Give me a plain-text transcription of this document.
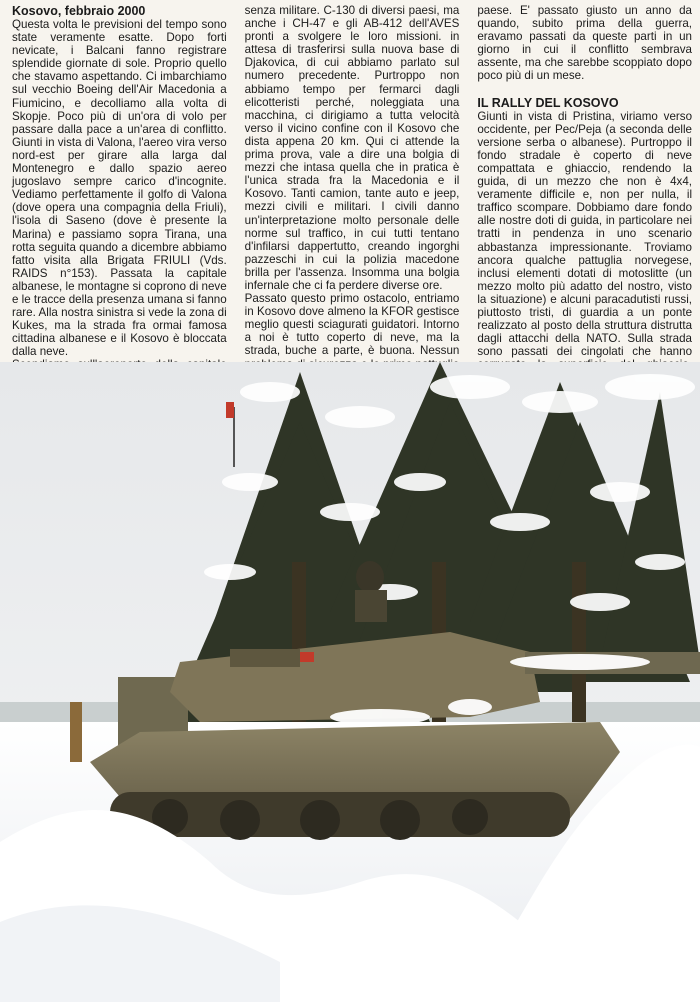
Kosovo, febbraio 2000

Questa volta le previsioni del tempo sono state veramente esatte. Dopo forti nevicate, i Balcani fanno registrare splendide giornate di sole. Proprio quello che stavamo aspettando. Ci imbarchiamo sul vecchio Boeing dell'Air Macedonia a Fiumicino, e decolliamo alla volta di Skopje. Poco più di un'ora di volo per passare dalla pace a un'area di conflitto. Giunti in vista di Valona, l'aereo vira verso nord-est per girare alla larga dal Montenegro e dallo spazio aereo jugoslavo sempre carico d'incognite. Vediamo perfettamente il golfo di Valona (dove opera una compagnia della Friuli), l'isola di Saseno (dove è presente la Marina) e passiamo sopra Tirana, una rotta seguita quando a dicembre abbiamo fatto visita alla Brigata FRIULI (Vds. RAIDS n°153). Passata la capitale albanese, le montagne si coprono di neve e le tracce della presenza umana si fanno rare. Alla nostra sinistra si vede la zona di Kukes, ma la strada fra ormai famosa cittadina albanese e il Kosovo è bloccata dalla neve.

senza militare. C-130 di diversi paesi, ma anche i CH-47 e gli AB-412 dell'AVES pronti a svolgere le loro missioni. in attesa di trasferirsi sulla nuova base di Djakovica, di cui abbiamo parlato sul numero precedente. Purtroppo non abbiamo tempo per fermarci dagli elicotteristi perché, noleggiata una macchina, ci dirigiamo a tutta velocità verso il vicino confine con il Kosovo che dista appena 20 km. Qui ci attende la prima prova, vale a dire una bolgia di mezzi che intasa quella che in pratica è l'unica strada fra la Macedonia e il Kosovo. Tanti camion, tante auto e jeep, mezzi civili e militari. I civili danno un'interpretazione molto personale delle norme sul traffico, in cui tutti tentano d'infilarsi dappertutto, creando ingorghi pazzeschi in cui la polizia macedone brilla per l'assenza. Insomma una bolgia infernale che ci fa perdere diverse ore.

Passato questo primo ostacolo, entriamo in Kosovo dove almeno la KFOR gestisce meglio questi sciagurati guidatori. Intorno a noi è tutto coperto di neve, ma la strada, buche a parte, è buona. Nessun

paese. E' passato giusto un anno da quando, subito prima della guerra, eravamo passati da queste parti in un giorno in cui il conflitto sembrava assente, ma che sarebbe scoppiato dopo poco più di un mese.

IL RALLY DEL KOSOVO

Giunti in vista di Pristina, viriamo verso occidente, per Pec/Peja (a seconda delle versione serba o albanese). Purtroppo il fondo stradale è coperto di neve compattata e ghiaccio, rendendo la guida, di un mezzo che non è 4x4, veramente difficile e, non per nulla, il traffico scompare. Dobbiamo dare fondo alle nostre doti di guida, in particolare nei tratti in pendenza in uno scenario abbastanza impressionante. Troviamo ancora qualche pattuglia norvegese, inclusi elementi dotati di motoslitte (un mezzo molto più adatto del nostro, visto la situazione) e alcuni paracadutisti russi, piuttosto tristi, di guardia a un ponte realizzato al posto della struttura distrutta dagli attacchi della NATO. Sulla strada sono passati dei cingolati che hanno
